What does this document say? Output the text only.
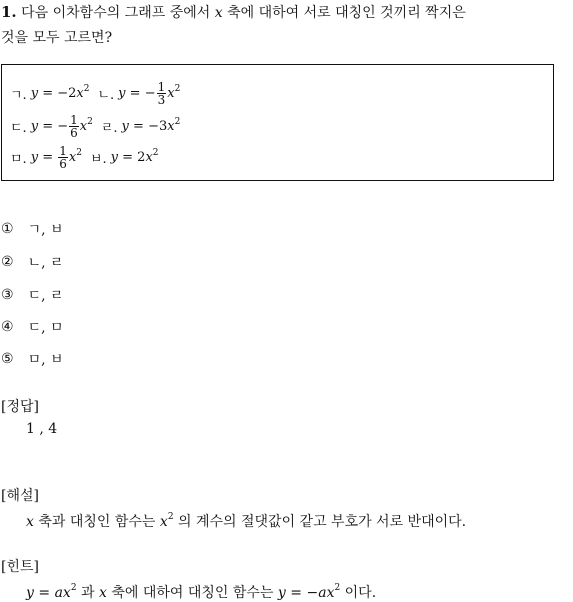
1. 다음 이차함수의 그래프 중에서 x 축에 대하여 서로 대칭인 것끼리 짝지은
것을 모두 고르면?
ㄱ. $y = -2x^2$ ㄴ. y = − $\frac{1}{3} x^2$
ㄷ. y = − $\frac{1}{6} x^2$ ㄹ. $y = -3x^2$
ㅁ. $y = \frac{1}{6} x^2$ ㅂ. $y = 2x^2$
① ㄱ, ㅂ
② ㄴ, ㄹ
③ ㄷ, ㄹ
④ ㄷ, ㅁ
⑤ ㅁ, ㅂ
[정답]
1 , 4
[해설]
x 축과 대칭인 함수는 $x^2$ 의 계수의 절댓값이 같고 부호가 서로 반대이다.
[힌트]
$y = ax^2$ 과 x 축에 대하여 대칭인 함수는 $y = -ax^2$ 이다.
